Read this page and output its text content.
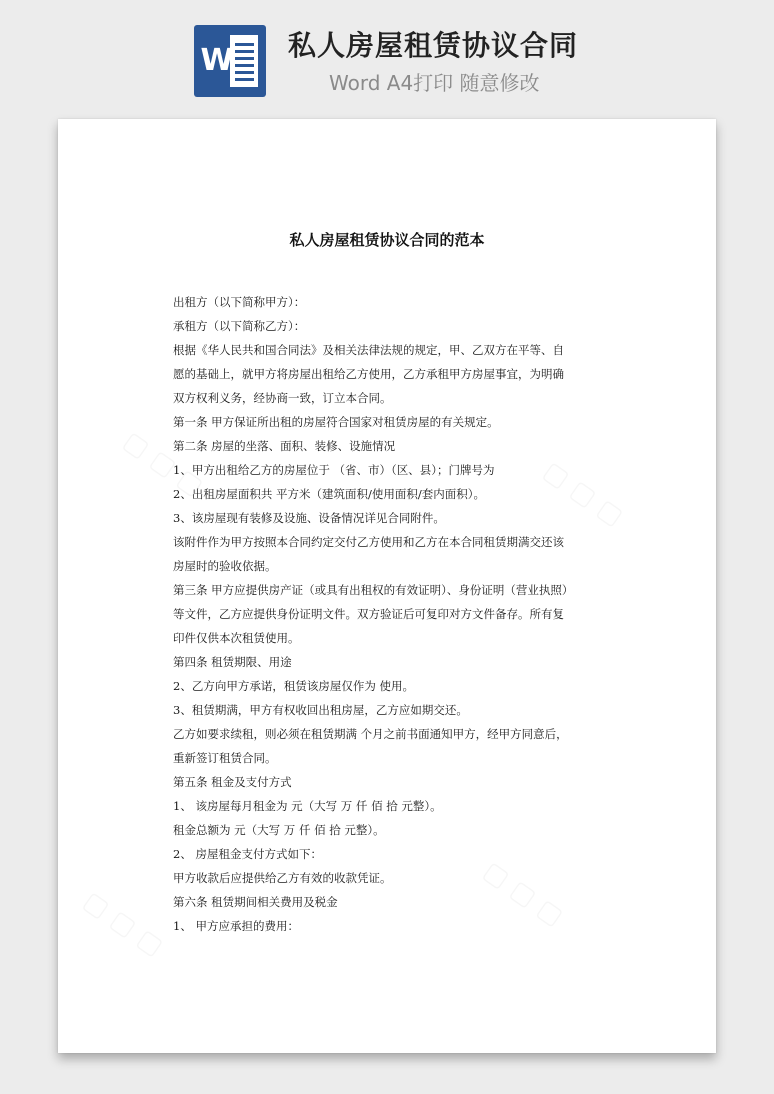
W 私人房屋租赁协议合同
Word A4打印 随意修改
私人房屋租赁协议合同的范本
出租方（以下简称甲方）：
承租方（以下简称乙方）：
根据《华人民共和国合同法》及相关法律法规的规定，甲、乙双方在平等、自
愿的基础上，就甲方将房屋出租给乙方使用，乙方承租甲方房屋事宜，为明确
双方权利义务，经协商一致，订立本合同。
第一条 甲方保证所出租的房屋符合国家对租赁房屋的有关规定。
第二条 房屋的坐落、面积、装修、设施情况
1、甲方出租给乙方的房屋位于 （省、市）（区、县）；门牌号为
2、出租房屋面积共 平方米（建筑面积/使用面积/套内面积）。
3、该房屋现有装修及设施、设备情况详见合同附件。
该附件作为甲方按照本合同约定交付乙方使用和乙方在本合同租赁期满交还该
房屋时的验收依据。
第三条 甲方应提供房产证（或具有出租权的有效证明）、身份证明（营业执照）
等文件，乙方应提供身份证明文件。双方验证后可复印对方文件备存。所有复
印件仅供本次租赁使用。
第四条 租赁期限、用途
2、乙方向甲方承诺，租赁该房屋仅作为 使用。
3、租赁期满，甲方有权收回出租房屋，乙方应如期交还。
乙方如要求续租，则必须在租赁期满 个月之前书面通知甲方，经甲方同意后，
重新签订租赁合同。
第五条 租金及支付方式
1、 该房屋每月租金为 元（大写 万 仟 佰 拾 元整）。
租金总额为 元（大写 万 仟 佰 拾 元整）。
2、 房屋租金支付方式如下：
甲方收款后应提供给乙方有效的收款凭证。
第六条 租赁期间相关费用及税金
1、 甲方应承担的费用：
